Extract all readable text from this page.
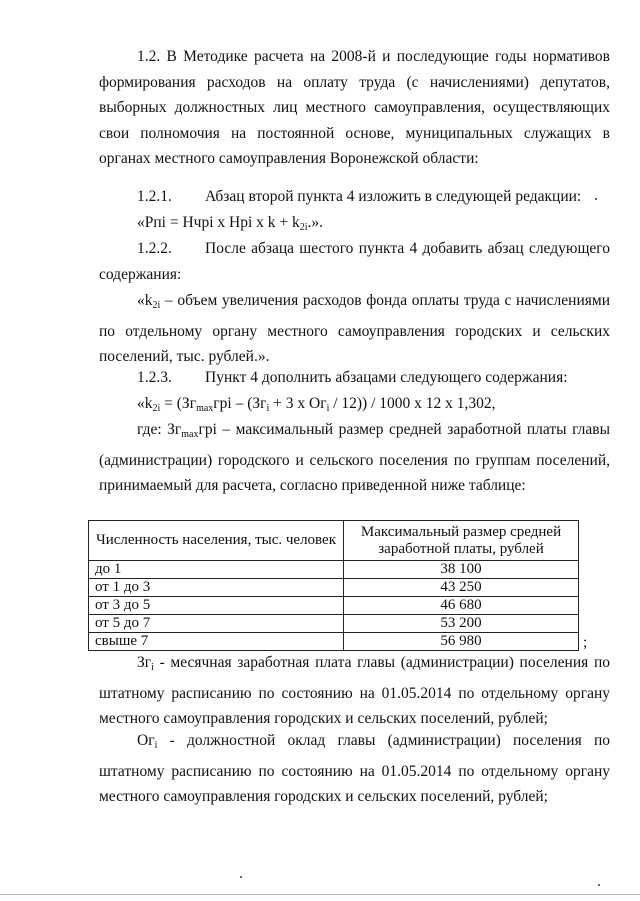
1.2. В Методике расчета на 2008-й и последующие годы нормативов формирования расходов на оплату труда (с начислениями) депутатов, выборных должностных лиц местного самоуправления, осуществляющих свои полномочия на постоянной основе, муниципальных служащих в органах местного самоуправления Воронежской области:

1.2.1. Абзац второй пункта 4 изложить в следующей редакции:
«Рпi = Нчрi х Нрi х $k + k_{2i}$.».

1.2.2. После абзаца шестого пункта 4 добавить абзац следующего содержания:

«$k_{2i}$ – объем увеличения расходов фонда оплаты труда с начислениями по отдельному органу местного самоуправления городских и сельских поселений, тыс. рублей.».

1.2.3. Пункт 4 дополнить абзацами следующего содержания:
«$k_{2i} = (Зг_{max}грi - (Зг_i + 3$ х $Ог_i / 12)) / 1000$ х 12 х 1,302,

где: $Зг_{max}грi$ – максимальный размер средней заработной платы главы (администрации) городского и сельского поселения по группам поселений, принимаемый для расчета, согласно приведенной ниже таблице:

Численность населения, тыс. человек	Максимальный размер средней заработной платы, рублей
до 1	38 100
от 1 до 3	43 250
от 3 до 5	46 680
от 5 до 7	53 200
свыше 7	56 980	;

$Зг_i$ - месячная заработная плата главы (администрации) поселения по штатному расписанию по состоянию на 01.05.2014 по отдельному органу местного самоуправления городских и сельских поселений, рублей;

$Ог_i$ - должностной оклад главы (администрации) поселения по штатному расписанию по состоянию на 01.05.2014 по отдельному органу местного самоуправления городских и сельских поселений, рублей;
